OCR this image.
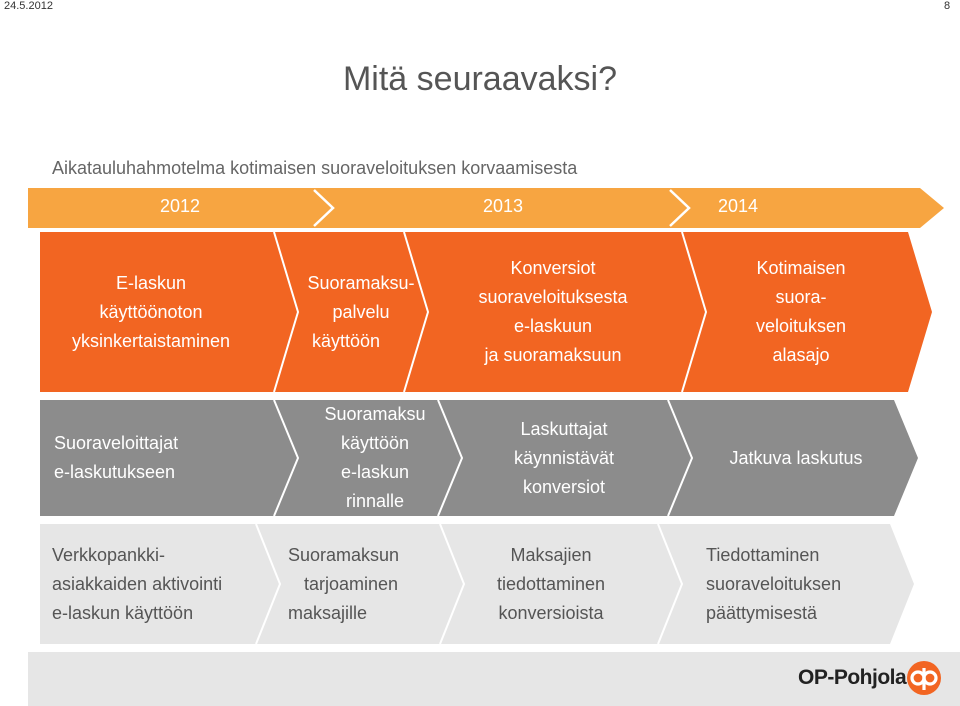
24.5.2012	8
Mitä seuraavaksi?
Aikatauluhahmotelma kotimaisen suoraveloituksen korvaamisesta
2012	2013	2014
E-laskun
käyttöönoton
yksinkertaistaminen
Suoramaksu-
palvelu
käyttöön
Konversiot
suoraveloituksesta
e-laskuun
ja suoramaksuun
Kotimaisen
suora-
veloituksen
alasajo
Suoraveloittajat
e-laskutukseen
Suoramaksu
käyttöön
e-laskun
rinnalle
Laskuttajat
käynnistävät
konversiot
Jatkuva laskutus
Verkkopankki-
asiakkaiden aktivointi
e-laskun käyttöön
Suoramaksun
tarjoaminen
maksajille
Maksajien
tiedottaminen
konversioista
Tiedottaminen
suoraveloituksen
päättymisestä
OP-Pohjola
